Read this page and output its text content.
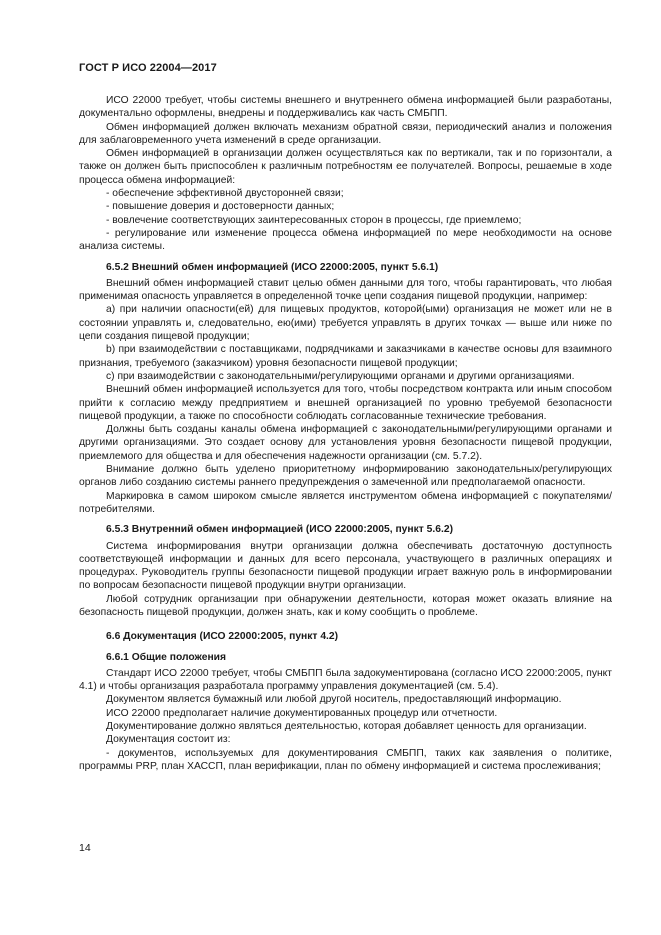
ГОСТ Р ИСО 22004—2017

ИСО 22000 требует, чтобы системы внешнего и внутреннего обмена информацией были разработаны, документально оформлены, внедрены и поддерживались как часть СМБПП.

Обмен информацией должен включать механизм обратной связи, периодический анализ и положения для заблаговременного учета изменений в среде организации.

Обмен информацией в организации должен осуществляться как по вертикали, так и по горизонтали, а также он должен быть приспособлен к различным потребностям ее получателей. Вопросы, решаемые в ходе процесса обмена информацией:

- обеспечение эффективной двусторонней связи;

- повышение доверия и достоверности данных;

- вовлечение соответствующих заинтересованных сторон в процессы, где приемлемо;

- регулирование или изменение процесса обмена информацией по мере необходимости на основе анализа системы.

6.5.2 Внешний обмен информацией (ИСО 22000:2005, пункт 5.6.1)

Внешний обмен информацией ставит целью обмен данными для того, чтобы гарантировать, что любая применимая опасность управляется в определенной точке цепи создания пищевой продукции, например:

а) при наличии опасности(ей) для пищевых продуктов, которой(ыми) организация не может или не в состоянии управлять и, следовательно, ею(ими) требуется управлять в других точках — выше или ниже по цепи создания пищевой продукции;

b) при взаимодействии с поставщиками, подрядчиками и заказчиками в качестве основы для взаимного признания, требуемого (заказчиком) уровня безопасности пищевой продукции;

c) при взаимодействии с законодательными/регулирующими органами и другими организациями.

Внешний обмен информацией используется для того, чтобы посредством контракта или иным способом прийти к согласию между предприятием и внешней организацией по уровню требуемой безопасности пищевой продукции, а также по способности соблюдать согласованные технические требования.

Должны быть созданы каналы обмена информацией с законодательными/регулирующими органами и другими организациями. Это создает основу для установления уровня безопасности пищевой продукции, приемлемого для общества и для обеспечения надежности организации (см. 5.7.2).

Внимание должно быть уделено приоритетному информированию законодательных/регулирующих органов либо созданию системы раннего предупреждения о замеченной или предполагаемой опасности.

Маркировка в самом широком смысле является инструментом обмена информацией с покупателями/потребителями.

6.5.3 Внутренний обмен информацией (ИСО 22000:2005, пункт 5.6.2)

Система информирования внутри организации должна обеспечивать достаточную доступность соответствующей информации и данных для всего персонала, участвующего в различных операциях и процедурах. Руководитель группы безопасности пищевой продукции играет важную роль в информировании по вопросам безопасности пищевой продукции внутри организации.

Любой сотрудник организации при обнаружении деятельности, которая может оказать влияние на безопасность пищевой продукции, должен знать, как и кому сообщить о проблеме.

6.6 Документация (ИСО 22000:2005, пункт 4.2)
6.6.1 Общие положения

Стандарт ИСО 22000 требует, чтобы СМБПП была задокументирована (согласно ИСО 22000:2005, пункт 4.1) и чтобы организация разработала программу управления документацией (см. 5.4).

Документом является бумажный или любой другой носитель, предоставляющий информацию.

ИСО 22000 предполагает наличие документированных процедур или отчетности.

Документирование должно являться деятельностью, которая добавляет ценность для организации.

Документация состоит из:

- документов, используемых для документирования СМБПП, таких как заявления о политике, программы PRP, план ХАССП, план верификации, план по обмену информацией и система прослеживания;

14
